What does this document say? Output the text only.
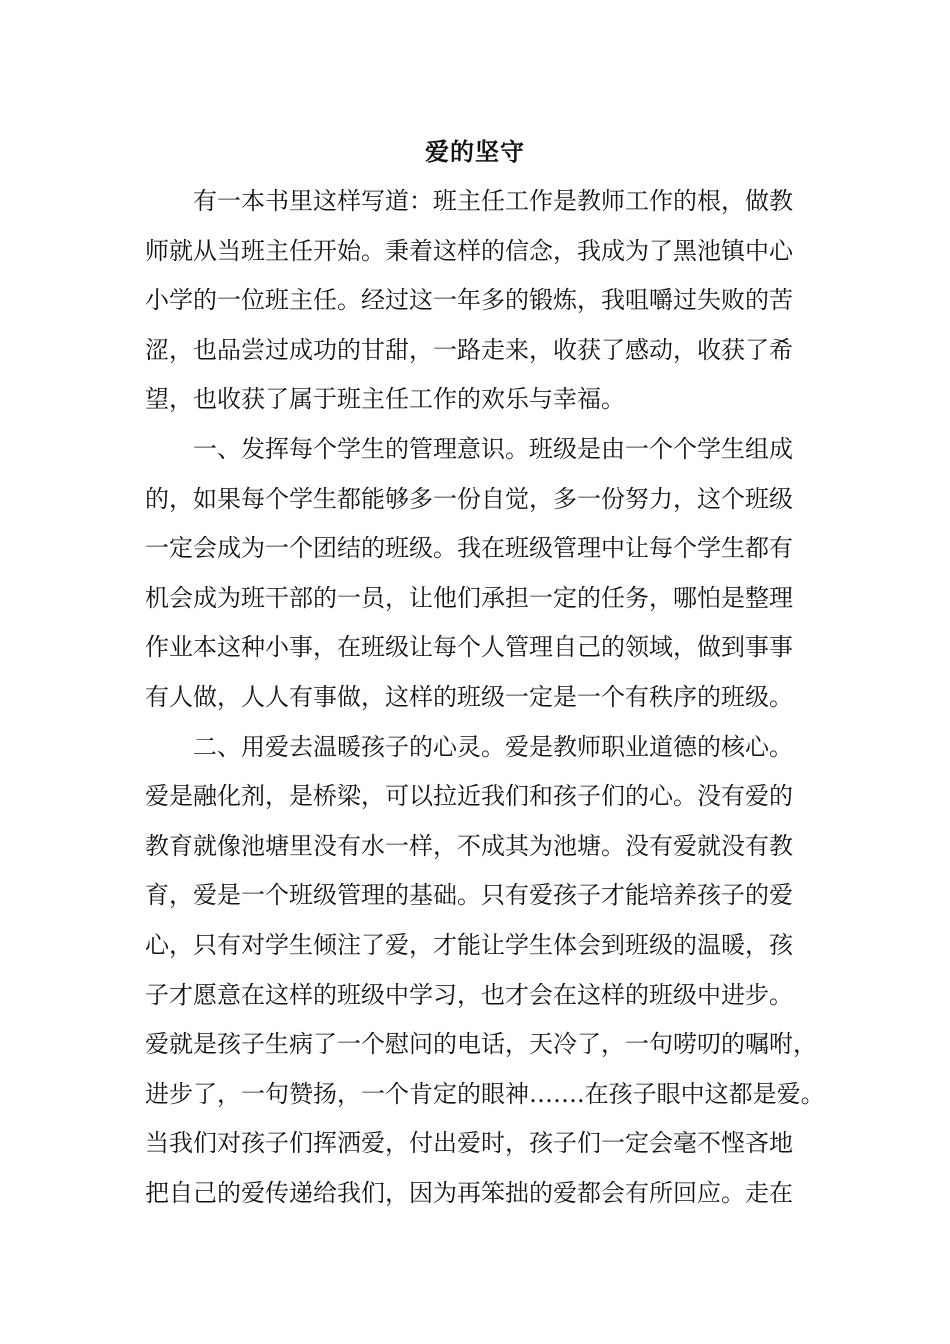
爱的坚守
有一本书里这样写道：班主任工作是教师工作的根，做教
师就从当班主任开始。秉着这样的信念，我成为了黑池镇中心
小学的一位班主任。经过这一年多的锻炼，我咀嚼过失败的苦
涩，也品尝过成功的甘甜，一路走来，收获了感动，收获了希
望，也收获了属于班主任工作的欢乐与幸福。
一、发挥每个学生的管理意识。班级是由一个个学生组成
的，如果每个学生都能够多一份自觉，多一份努力，这个班级
一定会成为一个团结的班级。我在班级管理中让每个学生都有
机会成为班干部的一员，让他们承担一定的任务，哪怕是整理
作业本这种小事，在班级让每个人管理自己的领域，做到事事
有人做，人人有事做，这样的班级一定是一个有秩序的班级。
二、用爱去温暖孩子的心灵。爱是教师职业道德的核心。
爱是融化剂，是桥梁，可以拉近我们和孩子们的心。没有爱的
教育就像池塘里没有水一样，不成其为池塘。没有爱就没有教
育，爱是一个班级管理的基础。只有爱孩子才能培养孩子的爱
心，只有对学生倾注了爱，才能让学生体会到班级的温暖，孩
子才愿意在这样的班级中学习，也才会在这样的班级中进步。
爱就是孩子生病了一个慰问的电话，天冷了，一句唠叨的嘱咐，
进步了，一句赞扬，一个肯定的眼神…….在孩子眼中这都是爱。
当我们对孩子们挥洒爱，付出爱时，孩子们一定会毫不悭吝地
把自己的爱传递给我们，因为再笨拙的爱都会有所回应。走在
